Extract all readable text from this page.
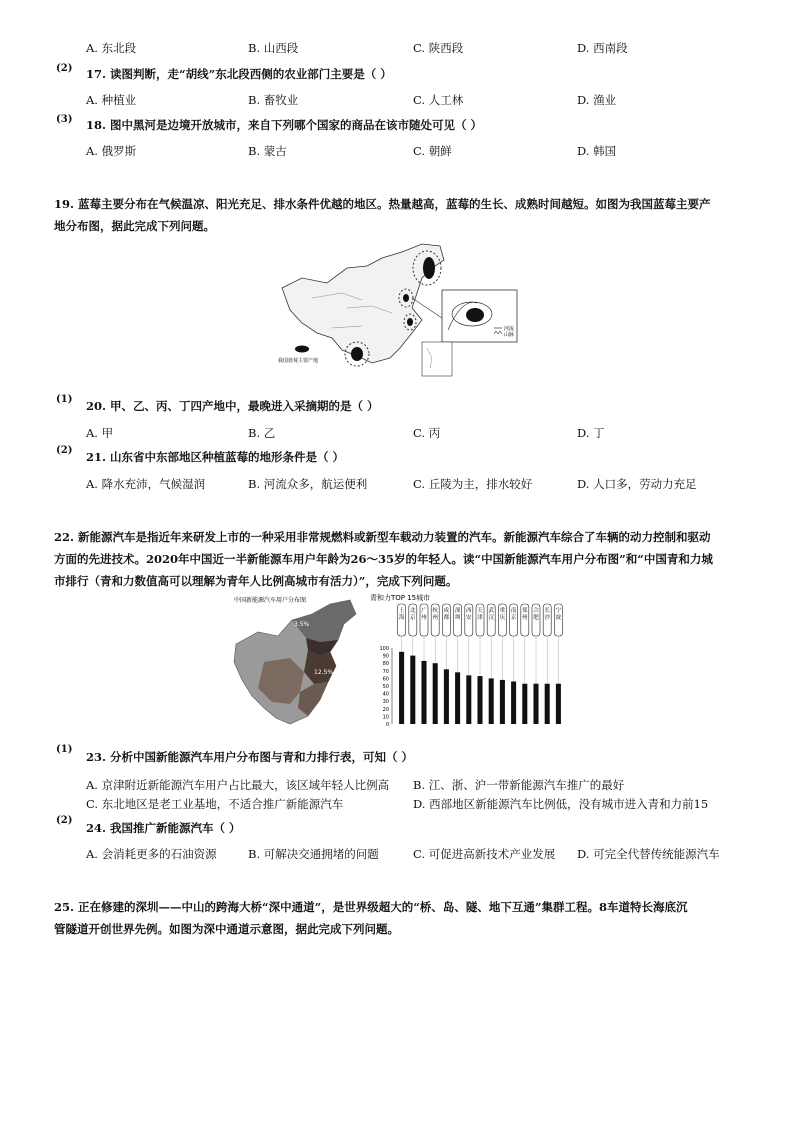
A. 东北段	B. 山西段	C. 陕西段	D. 西南段
(2) 17. 读图判断，走“胡线”东北段西侧的农业部门主要是（ ）
A. 种植业	B. 畜牧业	C. 人工林	D. 渔业
(3) 18. 图中黑河是边境开放城市，来自下列哪个国家的商品在该市随处可见（ ）
A. 俄罗斯	B. 蒙古	C. 朝鲜	D. 韩国
19. 蓝莓主要分布在气候温凉、阳光充足、排水条件优越的地区。热量越高，蓝莓的生长、成熟时间越短。如图为我国蓝莓主要产
地分布图，据此完成下列问题。
河流
山脉
我国蓝莓主要产地
(1) 20. 甲、乙、丙、丁四产地中，最晚进入采摘期的是（ ）
A. 甲	B. 乙	C. 丙	D. 丁
(2) 21. 山东省中东部地区种植蓝莓的地形条件是（ ）
A. 降水充沛，气候湿润	B. 河流众多，航运便利	C. 丘陵为主，排水较好	D. 人口多，劳动力充足
22. 新能源汽车是指近年来研发上市的一种采用非常规燃料或新型车载动力装置的汽车。新能源汽车综合了车辆的动力控制和驱动
方面的先进技术。2020年中国近一半新能源车用户年龄为26～35岁的年轻人。读“中国新能源汽车用户分布图”和“中国青和力城
市排行（青和力数值高可以理解为青年人比例高城市有活力）”，完成下列问题。
中国新能源汽车用户分布图
3.5%
12.5%
青和力TOP 15城市
100
90
80
70
60
50
40
30
20
10
0
上
海
北
京
广
州
杭
州
成
都
深
圳
西
安
天
津
武
汉
重
庆
南
京
郑
州
合
肥
长
沙
宁
波
(1)
23. 分析中国新能源汽车用户分布图与青和力排行表，可知（ ）
A. 京津附近新能源汽车用户占比最大，该区域年轻人比例高 B. 江、浙、沪一带新能源汽车推广的最好
C. 东北地区是老工业基地，不适合推广新能源汽车	D. 西部地区新能源汽车比例低，没有城市进入青和力前15
(2)
24. 我国推广新能源汽车（ ）
A. 会消耗更多的石油资源	B. 可解决交通拥堵的问题	C. 可促进高新技术产业发展 D. 可完全代替传统能源汽车
25. 正在修建的深圳——中山的跨海大桥“深中通道”，是世界级超大的“桥、岛、隧、地下互通”集群工程。8车道特长海底沉
管隧道开创世界先例。如图为深中通道示意图，据此完成下列问题。
